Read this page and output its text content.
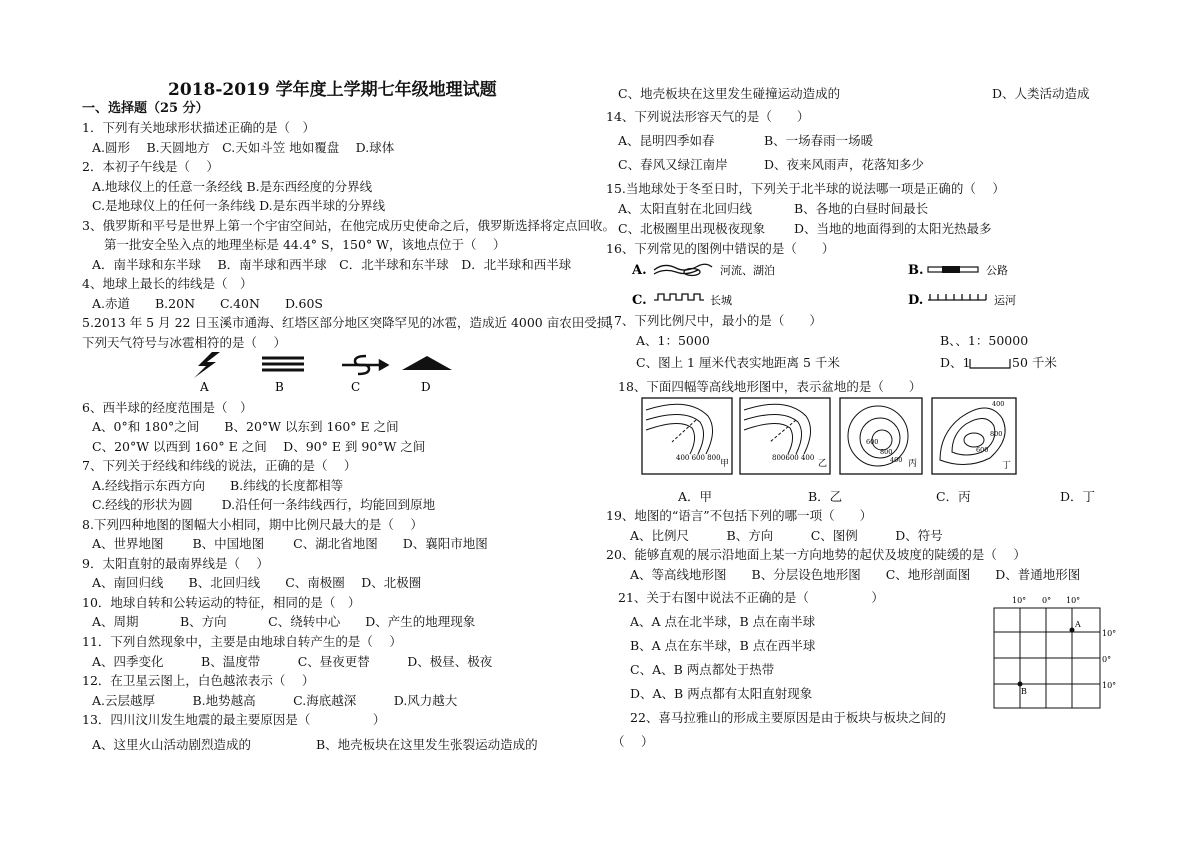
2018-2019 学年度上学期七年级地理试题
一、选择题（25 分）
1．下列有关地球形状描述正确的是（　）
A.圆形　 B.天圆地方　C.天如斗笠 地如覆盘　 D.球体
2．本初子午线是（　 ）
A.地球仪上的任意一条经线 B.是东西经度的分界线
C.是地球仪上的任何一条纬线 D.是东西半球的分界线
3、俄罗斯和平号是世界上第一个宇宙空间站，在他完成历史使命之后，俄罗斯选择将定点回收。
第一批安全坠入点的地理坐标是 44.4° S，150° W，该地点位于（　 ）
A．南半球和东半球　 B．南半球和西半球　C．北半球和东半球　D．北半球和西半球
4、地球上最长的纬线是（　）
A.赤道　　B.20N　　C.40N　　D.60S
5.2013 年 5 月 22 日玉溪市通海、红塔区部分地区突降罕见的冰雹，造成近 4000 亩农田受损，
下列天气符号与冰雹相符的是（　 ）
A	B	C	D
6、西半球的经度范围是（　）
A、0°和 180°之间　　B、20°W 以东到 160° E 之间
C、20°W 以西到 160° E 之间　 D、90° E 到 90°W 之间
7、下列关于经线和纬线的说法，正确的是（　 ）
A.经线指示东西方向　　B.纬线的长度都相等
C.经线的形状为圆　　 D.沿任何一条纬线西行，均能回到原地
8.下列四种地图的图幅大小相同，期中比例尺最大的是（　 ）
A、世界地图　　 B、中国地图　　 C、湖北省地图　　D、襄阳市地图
9．太阳直射的最南界线是（　 ）
A、南回归线　　B、北回归线　　C、南极圈　 D、北极圈
10．地球自转和公转运动的特征，相同的是（　）
A、周期　　　 B、方向　　　 C、绕转中心　　D、产生的地理现象
11．下列自然现象中，主要是由地球自转产生的是（　 ）
A、四季变化　　　B、温度带　　　C、昼夜更替　　　D、极昼、极夜
12．在卫星云图上，白色越浓表示（　 ）
A.云层越厚　　　B.地势越高　　　C.海底越深　　　D.风力越大
13．四川汶川发生地震的最主要原因是（　　　　　）
A、这里火山活动剧烈造成的	B、地壳板块在这里发生张裂运动造成的
C、地壳板块在这里发生碰撞运动造成的	D、人类活动造成
14、下列说法形容天气的是（　　）
A、昆明四季如春	B、一场春雨一场暖
C、春风又绿江南岸	D、夜来风雨声，花落知多少
15.当地球处于冬至日时，下列关于北半球的说法哪一项是正确的（　 ）
A、太阳直射在北回归线	B、各地的白昼时间最长
C、北极圈里出现极夜现象 D、当地的地面得到的太阳光热最多
16、下列常见的图例中错误的是（　　）
A.	河流、湖泊	B.	公路
C.	长城	D.	运河
17、下列比例尺中，最小的是（　　）
A、1：5000	B、、1：50000
C、图上 1 厘米代表实地距离 5 千米	D、1	50 千米
18、下面四幅等高线地形图中，表示盆地的是（　　）
400 600 800
甲
800600 400
乙
600
800
400 丙
400
800
600
丁
A．甲	B．乙	C．丙	D．丁
19、地图的“语言”不包括下列的哪一项（　　）
A、比例尺　　　B、方向　　　C、图例　　　D、符号
20、能够直观的展示沿地面上某一方向地势的起伏及坡度的陡缓的是（　 ）
A、等高线地形图　　B、分层设色地形图　　C、地形剖面图　　D、普通地形图
21、关于右图中说法不正确的是（　　　　　）
A、A 点在北半球，B 点在南半球
B、A 点在东半球，B 点在西半球
C、A、B 两点都处于热带
D、A、B 两点都有太阳直射现象
10° 0° 10°
10°
0°
10°
A
B
22、喜马拉雅山的形成主要原因是由于板块与板块之间的
（　 ）
